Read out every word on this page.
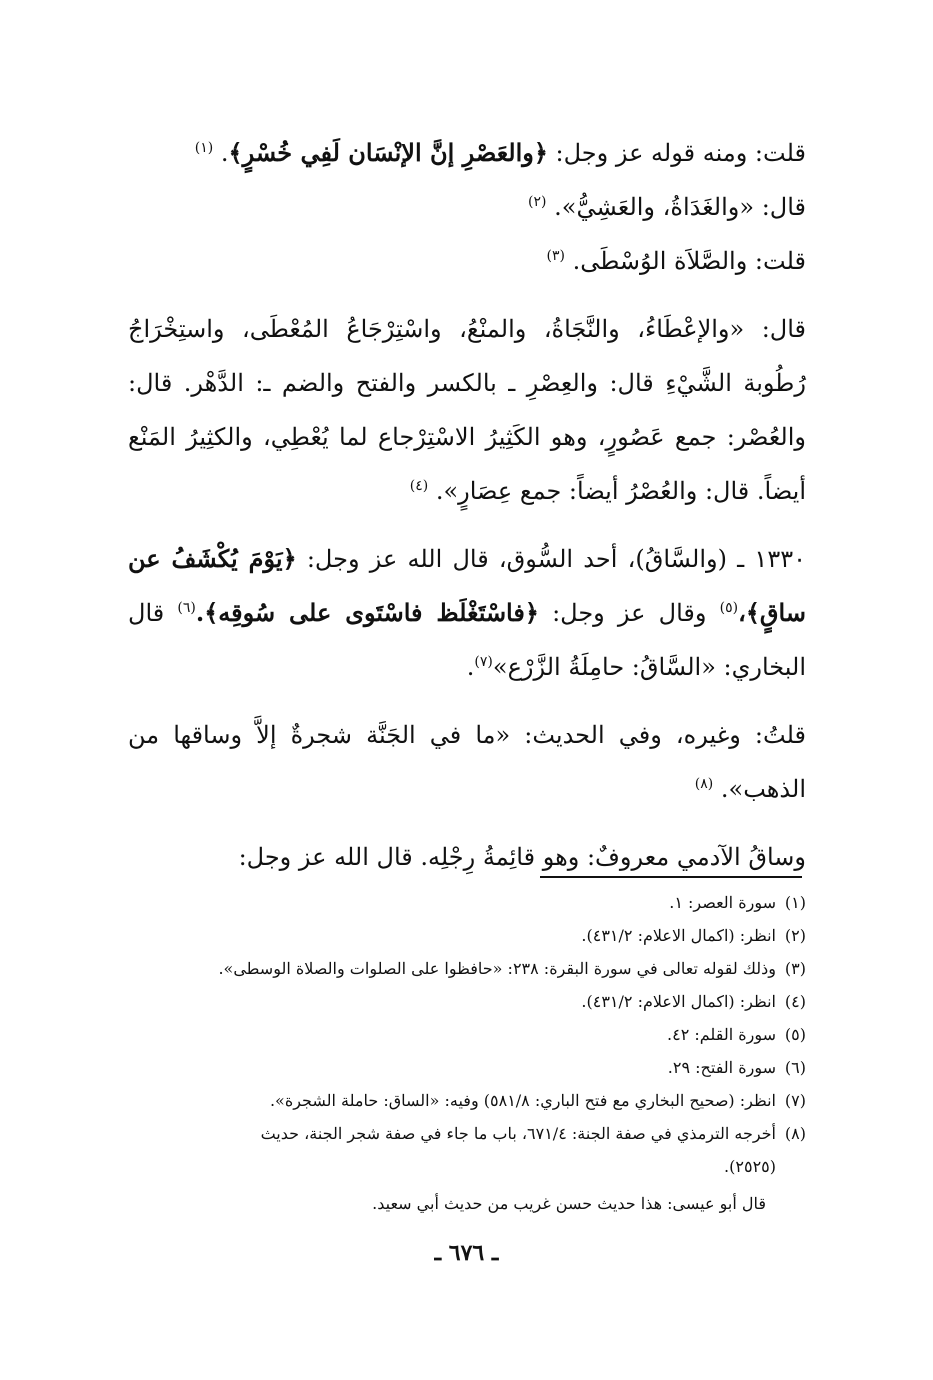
قلت: ومنه قوله عز وجل: ﴿والعَصْرِ إنَّ الإنْسَان لَفِي خُسْرٍ﴾. $^{(١)}$

قال: «والغَدَاةُ، والعَشِيُّ». $^{(٢)}$

قلت: والصَّلاَة الوُسْطَى. $^{(٣)}$

قال: «والإعْطَاءُ، والنَّجَاةُ، والمنْعُ، واسْتِرْجَاعُ المُعْطَى، واستِخْرَاجُ رُطُوبة الشَّيْءِ قال: والعِصْرِ ـ بالكسر والفتح والضم ـ: الدَّهْر. قال: والعُصْر: جمع عَصُورٍ، وهو الكَثِيرُ الاسْتِرْجاع لما يُعْطِي، والكثِيرُ المَنْع أيضاً. قال: والعُصْرُ أيضاً: جمع عِصَارٍ». $^{(٤)}$

١٣٣٠ ـ (والسَّاقُ)، أحد السُّوق، قال الله عز وجل: ﴿يَوْمَ يُكْشَفُ عن ساقٍ﴾،$^{(٥)}$ وقال عز وجل: ﴿فاسْتَغْلَظ فاسْتَوى على سُوقِه﴾.$^{(٦)}$ قال البخاري: «السَّاقُ: حامِلَةُ الزَّرْع»$^{(٧)}$.

قلتُ: وغيره، وفي الحديث: «ما في الجَنَّة شجرةٌ إلاَّ وساقها من الذهب». $^{(٨)}$

وساقُ الآدمي معروفٌ: وهو قائِمةُ رِجْلِه. قال الله عز وجل:

(١)سورة العصر: ١.

(٢)انظر: (اكمال الاعلام: ٤٣١/٢).

(٣)وذلك لقوله تعالى في سورة البقرة: ٢٣٨: «حافظوا على الصلوات والصلاة الوسطى».

(٤)انظر: (اكمال الاعلام: ٤٣١/٢).

(٥)سورة القلم: ٤٢.

(٦)سورة الفتح: ٢٩.

(٧)انظر: (صحيح البخاري مع فتح الباري: ٥٨١/٨) وفيه: «الساق: حاملة الشجرة».

(٨)أخرجه الترمذي في صفة الجنة: ٦٧١/٤، باب ما جاء في صفة شجر الجنة، حديث

(٢٥٢٥).

قال أبو عيسى: هذا حديث حسن غريب من حديث أبي سعيد.

ـ ٦٧٦ ـ
